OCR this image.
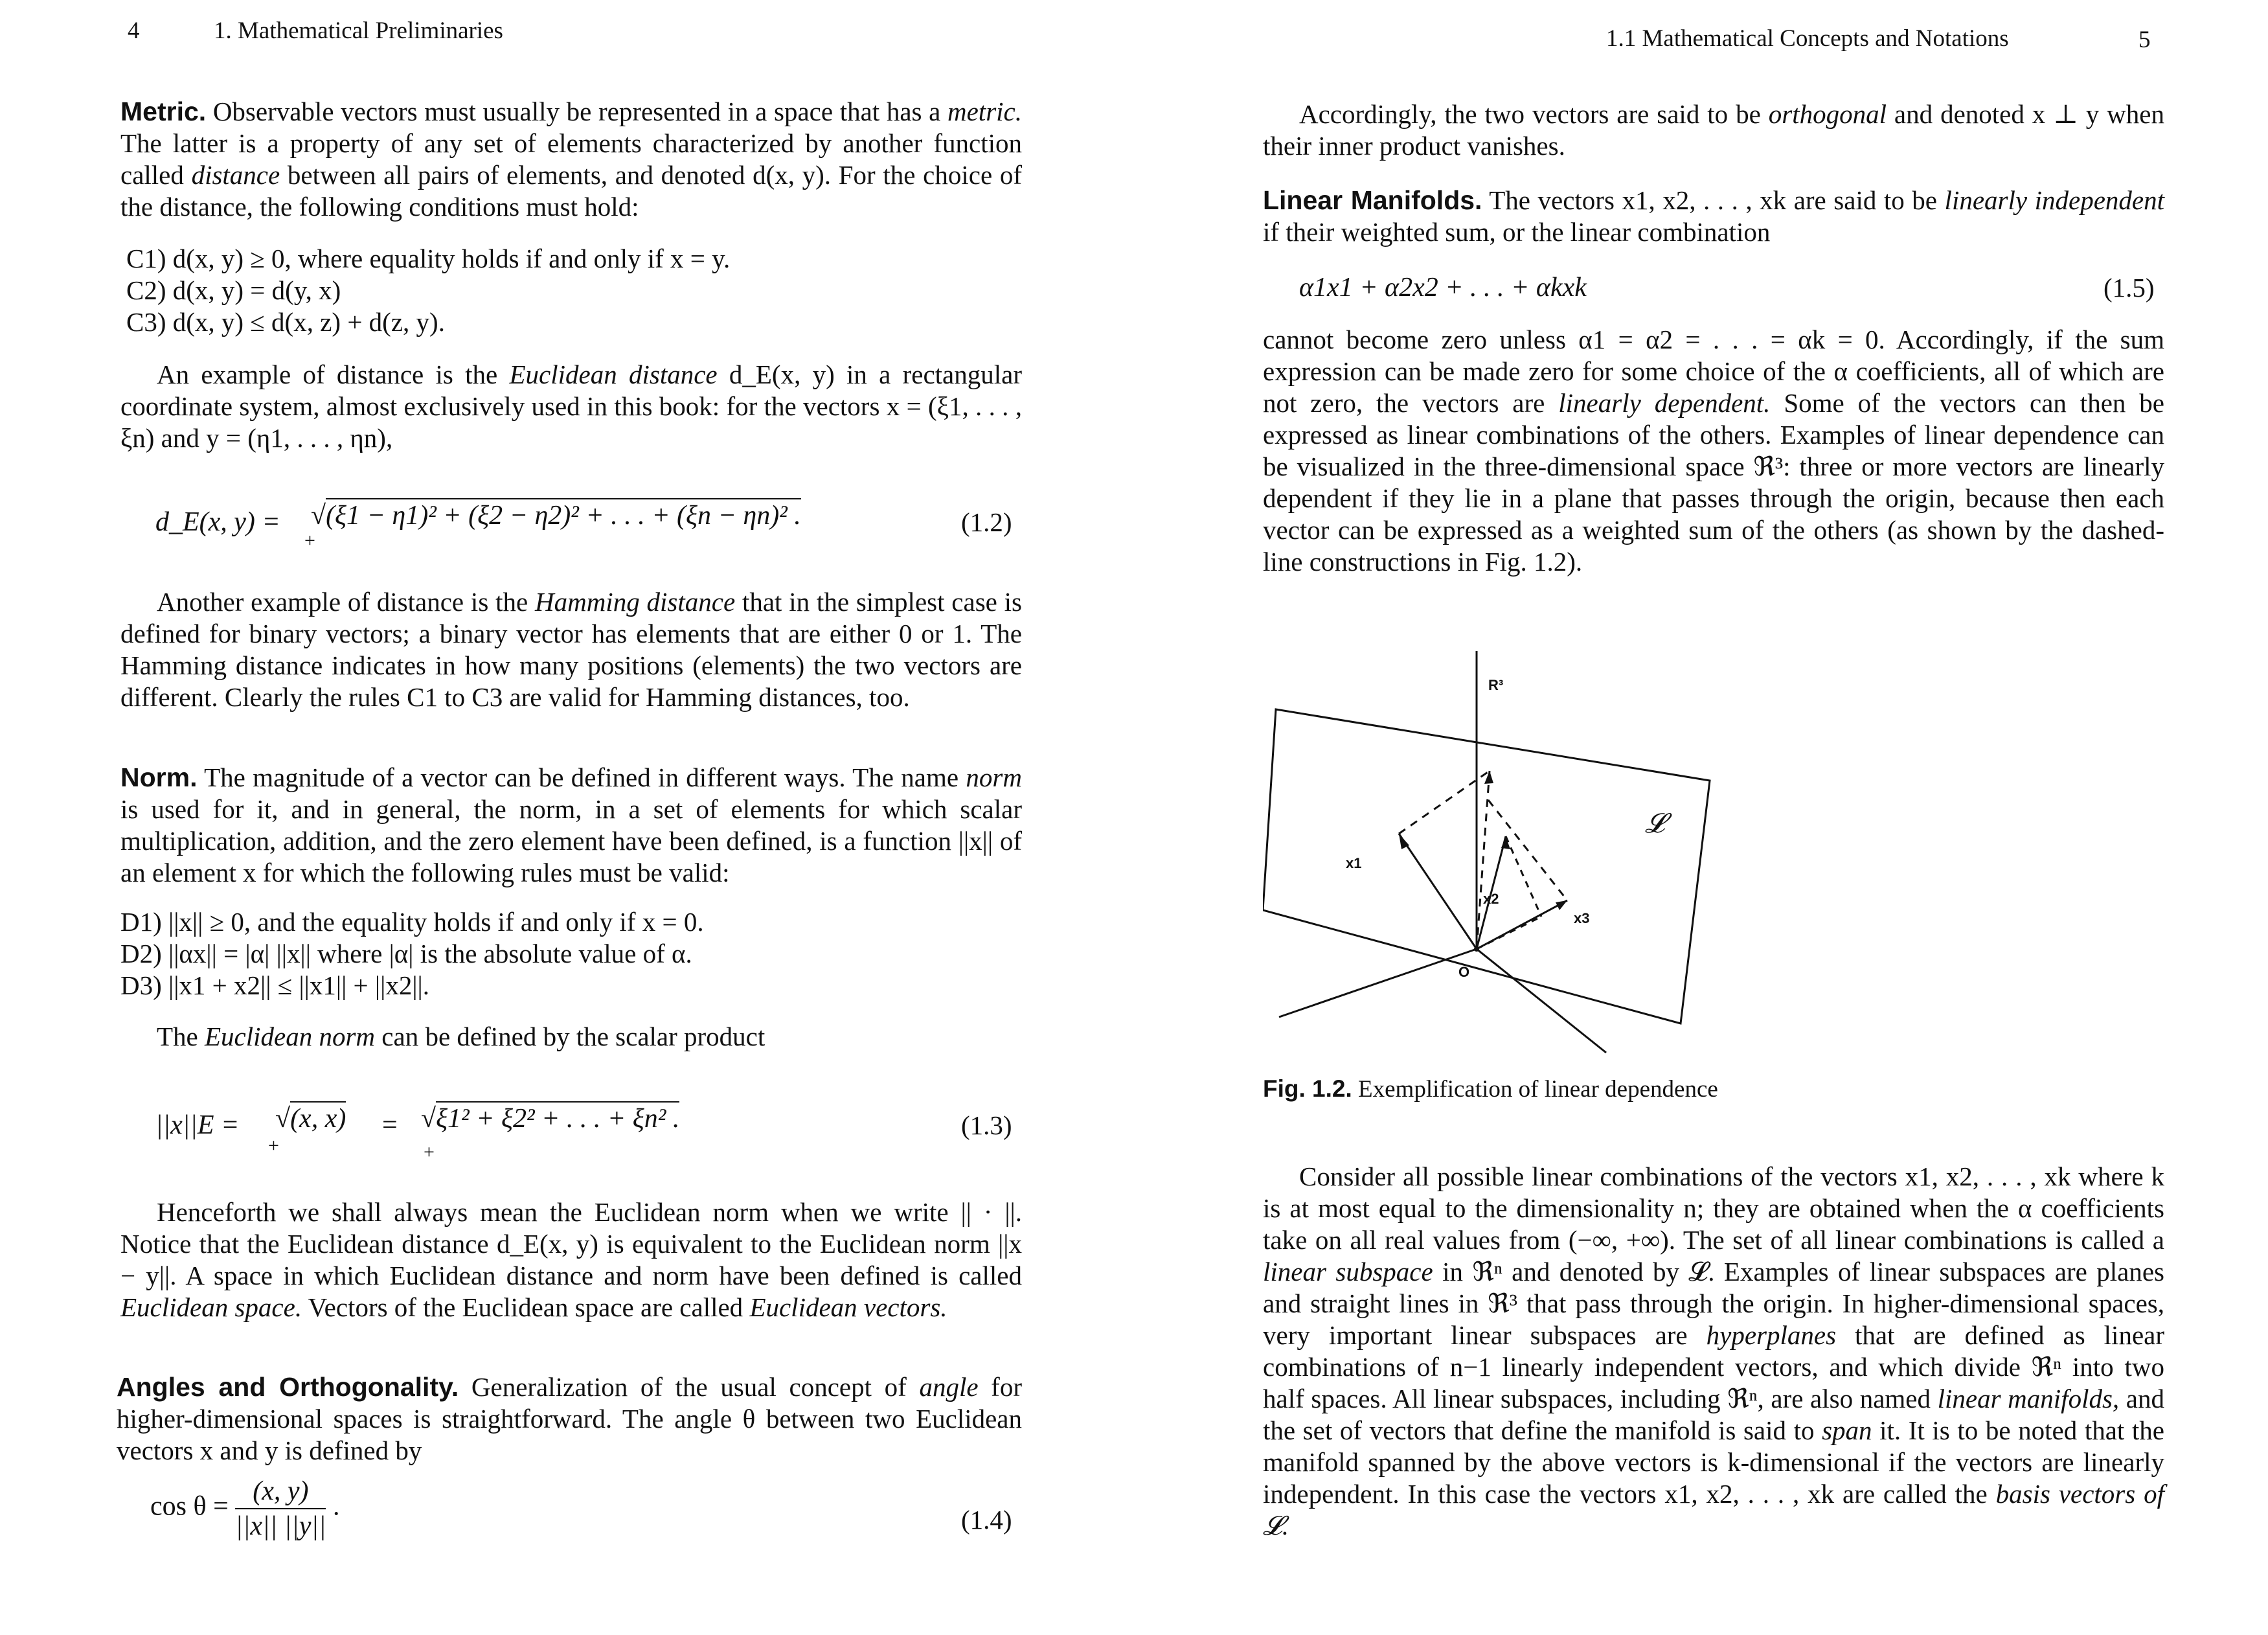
4	1. Mathematical Preliminaries

Metric. Observable vectors must usually be represented in a space that has a metric. The latter is a property of any set of elements characterized by another function called distance between all pairs of elements, and denoted d(x, y). For the choice of the distance, the following conditions must hold:

C1) d(x, y) ≥ 0, where equality holds if and only if x = y.
C2) d(x, y) = d(y, x)
C3) d(x, y) ≤ d(x, z) + d(z, y).

An example of distance is the Euclidean distance d_E(x, y) in a rectangular coordinate system, almost exclusively used in this book: for the vectors x = (ξ1, . . . , ξn) and y = (η1, . . . , ηn),

d_E(x, y) = √(ξ1 − η1)² + (ξ2 − η2)² + . . . + (ξn − ηn)² .
+
(1.2)

Another example of distance is the Hamming distance that in the simplest case is defined for binary vectors; a binary vector has elements that are either 0 or 1. The Hamming distance indicates in how many positions (elements) the two vectors are different. Clearly the rules C1 to C3 are valid for Hamming distances, too.

Norm. The magnitude of a vector can be defined in different ways. The name norm is used for it, and in general, the norm, in a set of elements for which scalar multiplication, addition, and the zero element have been defined, is a function ||x|| of an element x for which the following rules must be valid:

D1) ||x|| ≥ 0, and the equality holds if and only if x = 0.
D2) ||αx|| = |α| ||x|| where |α| is the absolute value of α.
D3) ||x1 + x2|| ≤ ||x1|| + ||x2||.

The Euclidean norm can be defined by the scalar product

||x||E = √(x, x) = √ξ1² + ξ2² + . . . + ξn² .
+	+
(1.3)

Henceforth we shall always mean the Euclidean norm when we write || · ||. Notice that the Euclidean distance d_E(x, y) is equivalent to the Euclidean norm ||x − y||. A space in which Euclidean distance and norm have been defined is called Euclidean space. Vectors of the Euclidean space are called Euclidean vectors.

Angles and Orthogonality. Generalization of the usual concept of angle for higher-dimensional spaces is straightforward. The angle θ between two Euclidean vectors x and y is defined by

$\cos \theta = \frac{(x, y)}{||x|| ||y||}$ .	(1.4)
1.1 Mathematical Concepts and Notations	5

Accordingly, the two vectors are said to be orthogonal and denoted x ⊥ y when their inner product vanishes.

Linear Manifolds. The vectors x1, x2, . . . , xk are said to be linearly independent if their weighted sum, or the linear combination

α1x1 + α2x2 + . . . + αkxk	(1.5)

cannot become zero unless α1 = α2 = . . . = αk = 0. Accordingly, if the sum expression can be made zero for some choice of the α coefficients, all of which are not zero, the vectors are linearly dependent. Some of the vectors can then be expressed as linear combinations of the others. Examples of linear dependence can be visualized in the three-dimensional space ℜ³: three or more vectors are linearly dependent if they lie in a plane that passes through the origin, because then each vector can be expressed as a weighted sum of the others (as shown by the dashed-line constructions in Fig. 1.2).

Fig. 1.2. Exemplification of linear dependence

Consider all possible linear combinations of the vectors x1, x2, . . . , xk where k is at most equal to the dimensionality n; they are obtained when the α coefficients take on all real values from (−∞, +∞). The set of all linear combinations is called a linear subspace in ℜⁿ and denoted by 𝓛. Examples of linear subspaces are planes and straight lines in ℜ³ that pass through the origin. In higher-dimensional spaces, very important linear subspaces are hyperplanes that are defined as linear combinations of n−1 linearly independent vectors, and which divide ℜⁿ into two half spaces. All linear subspaces, including ℜⁿ, are also named linear manifolds, and the set of vectors that define the manifold is said to span it. It is to be noted that the manifold spanned by the above vectors is k-dimensional if the vectors are linearly independent. In this case the vectors x1, x2, . . . , xk are called the basis vectors of 𝓛.

R³
x1
x2
x3
O
𝓛
